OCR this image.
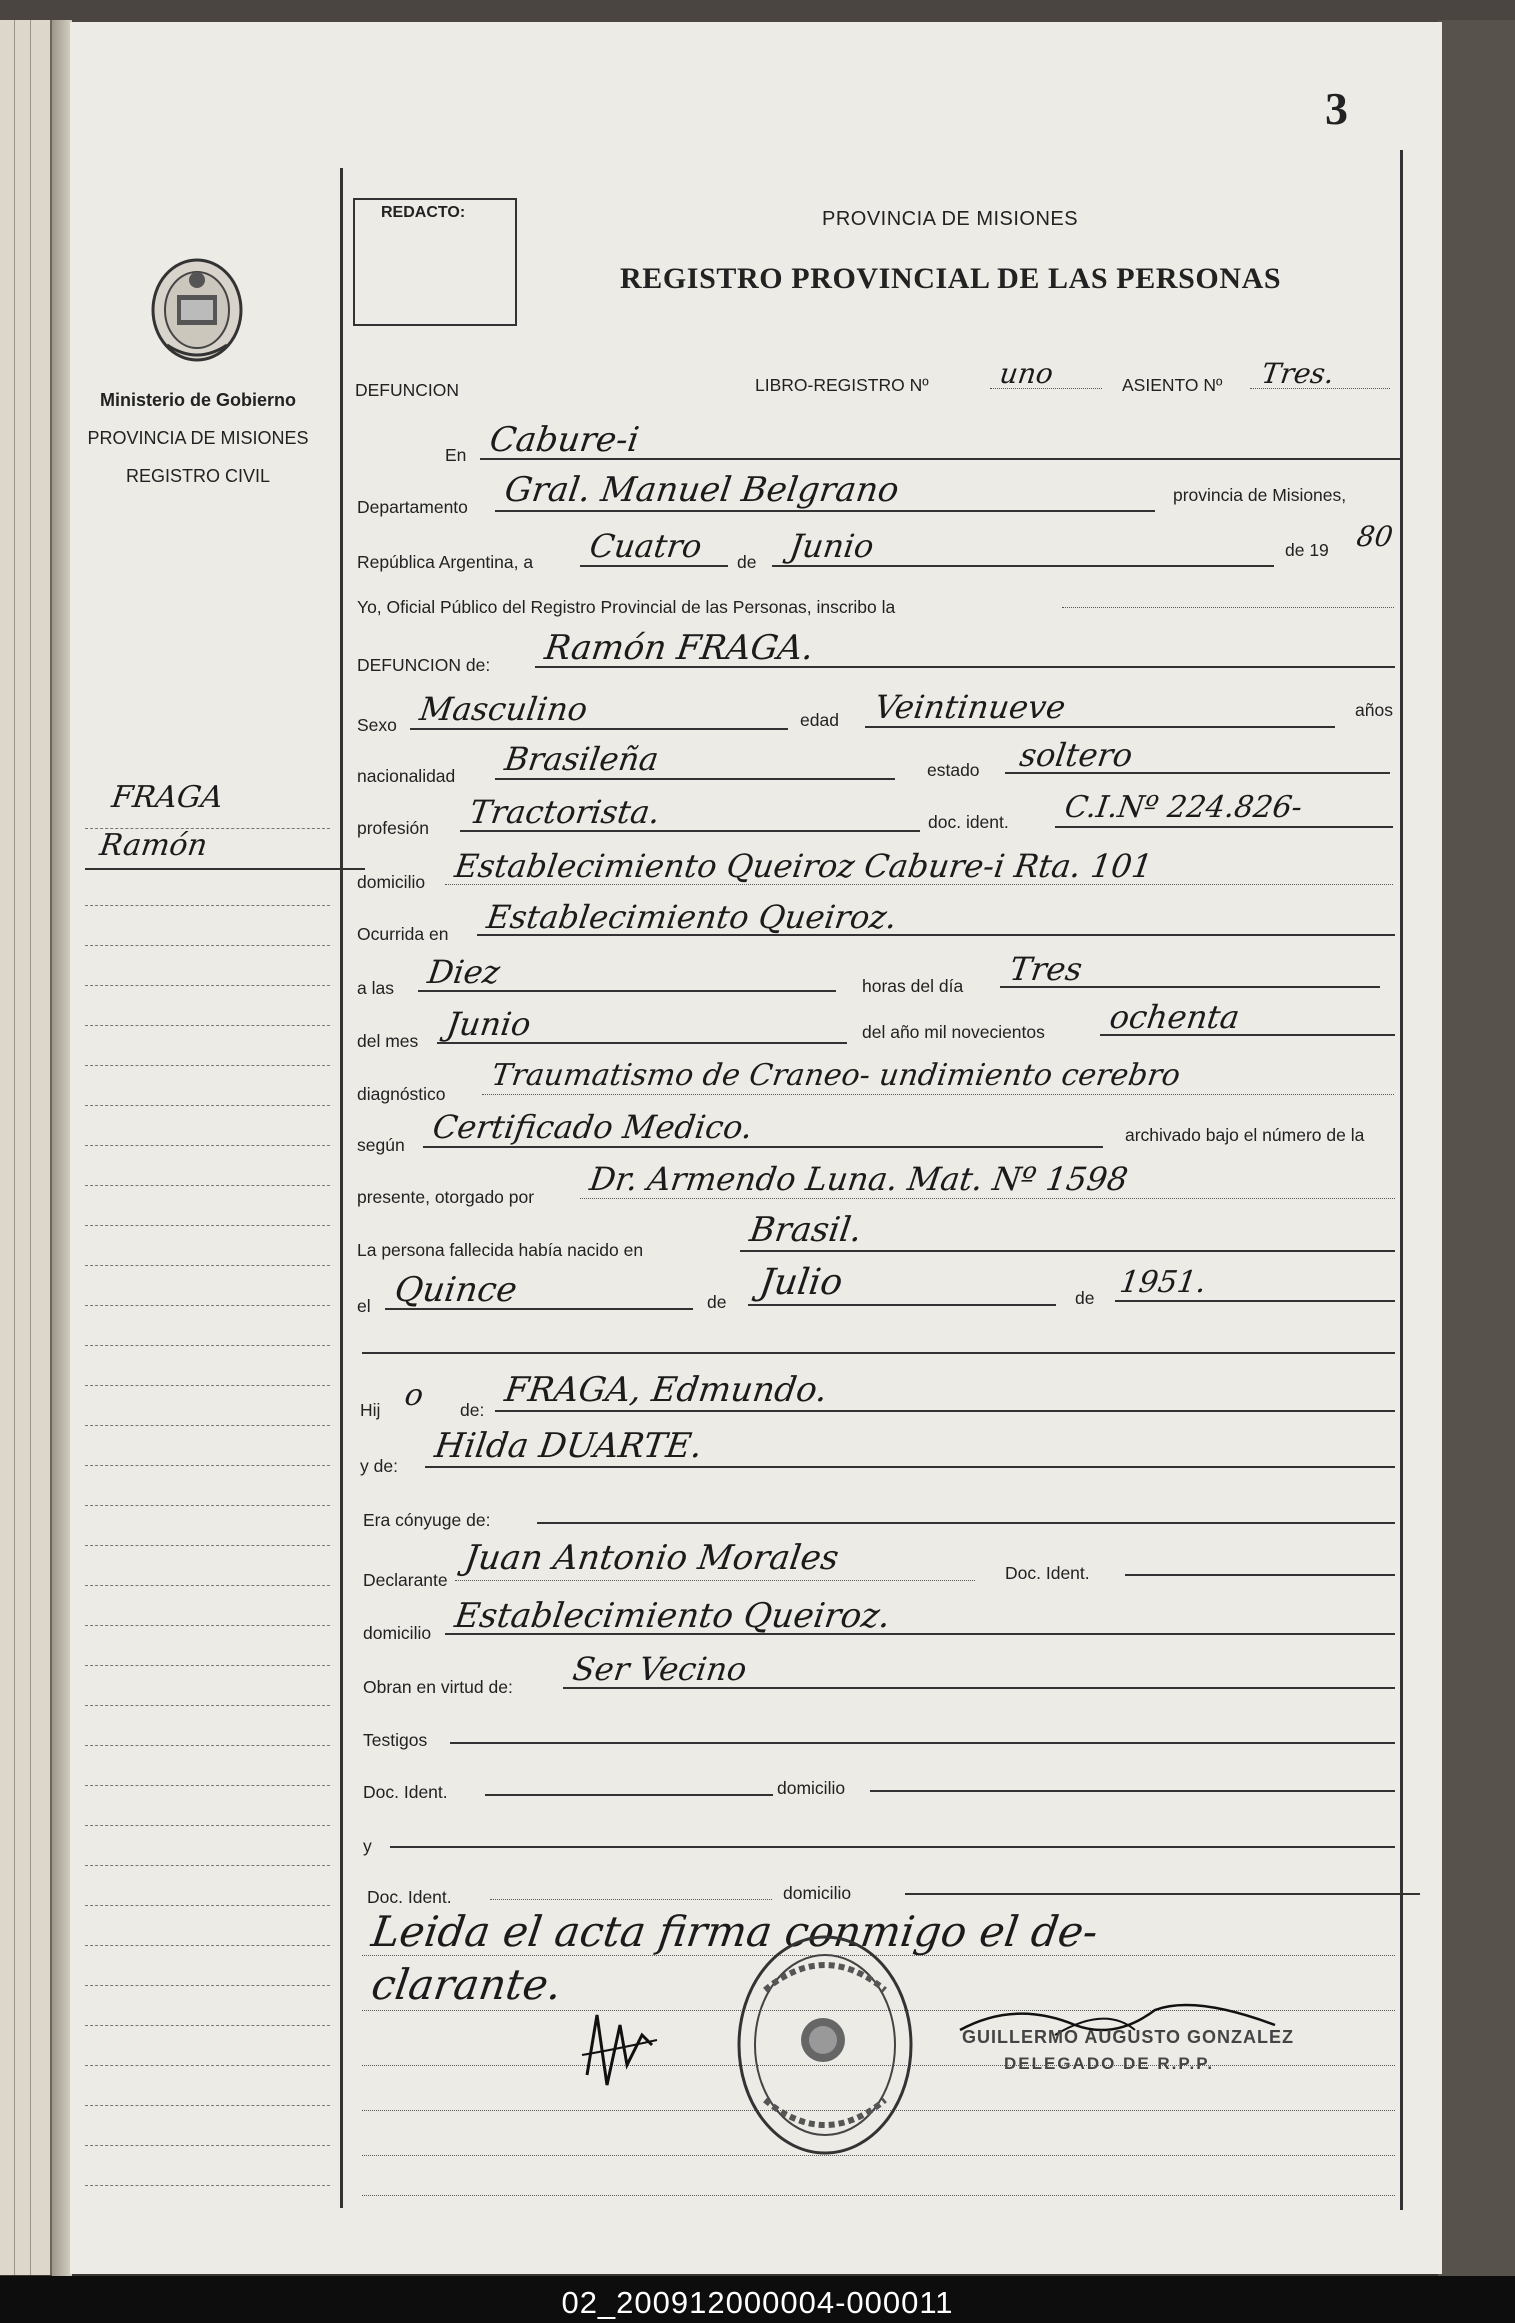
3
Ministerio de Gobierno
PROVINCIA DE MISIONES
REGISTRO CIVIL
FRAGA
Ramón
REDACTO:	PROVINCIA DE MISIONES
REGISTRO PROVINCIAL DE LAS PERSONAS
DEFUNCION	LIBRO-REGISTRO Nº uno	ASIENTO Nº Tres.
En Cabure-i
Departamento Gral. Manuel Belgrano	provincia de Misiones,
República Argentina, a Cuatro de Junio	de 19 80
Yo, Oficial Público del Registro Provincial de las Personas, inscribo la
DEFUNCION de: Ramón FRAGA.
Sexo Masculino	edad Veintinueve	años
nacionalidad Brasileña	estado soltero
profesión Tractorista.	doc. ident. C.I.Nº 224.826-
domicilio Establecimiento Queiroz Cabure-i Rta. 101
Ocurrida en Establecimiento Queiroz.
a las Diez	horas del día Tres
del mes Junio	del año mil novecientos ochenta
diagnóstico
Traumatismo de Craneo- undimiento cerebro
según Certificado Medico.	archivado bajo el número de la
presente, otorgado por Dr. Armendo Luna. Mat. Nº 1598
La persona fallecida había nacido en	Brasil.
el Quince	de Julio	de 1951.
Hij o de: FRAGA, Edmundo.
y de: Hilda DUARTE.
Era cónyuge de:
Declarante
Juan Antonio Morales	Doc. Ident.
domicilio Establecimiento Queiroz.
Obran en virtud de: Ser Vecino
Testigos
Doc. Ident.	domicilio
y
Doc. Ident.	domicilio
Leida el acta firma conmigo el de-
clarante.
GUILLERMO AUGUSTO GONZALEZ
DELEGADO DE R.P.P.
02_200912000004-000011
